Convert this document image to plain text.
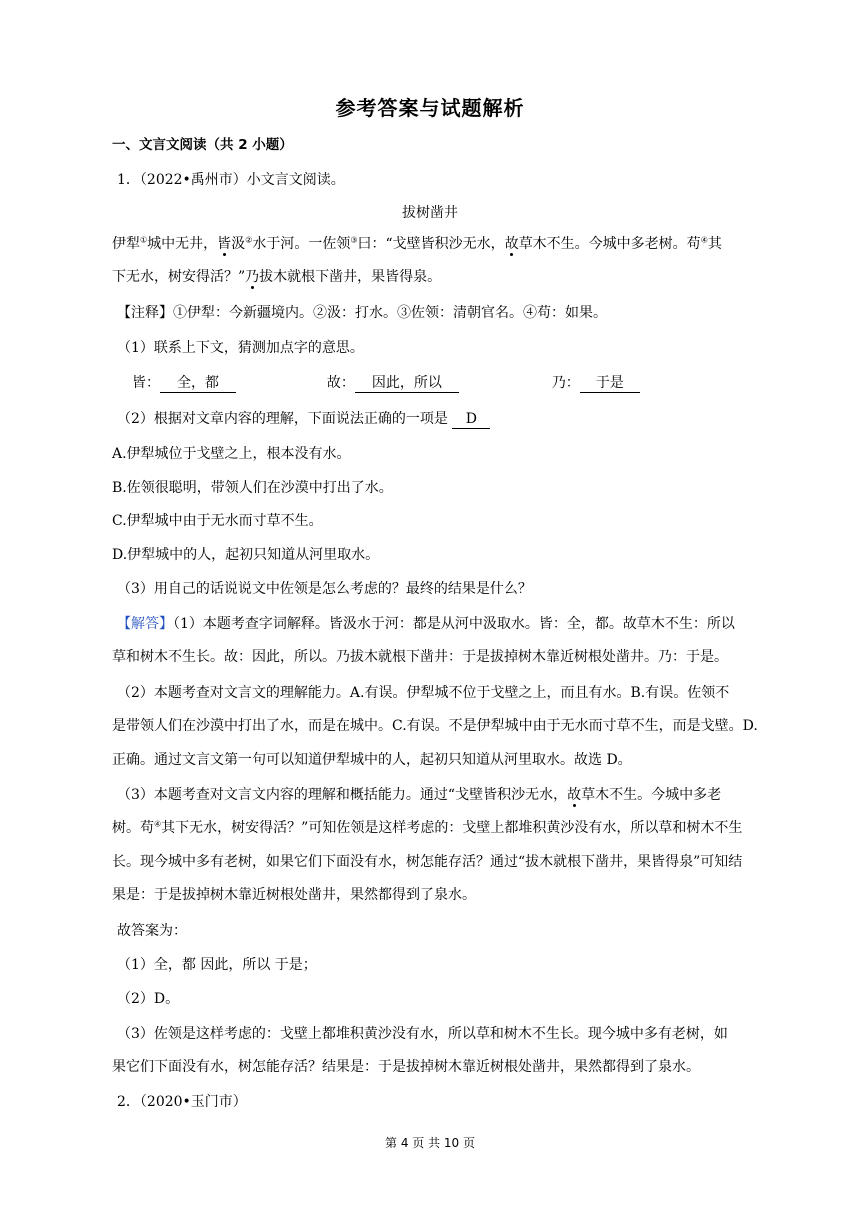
参考答案与试题解析
一、文言文阅读（共 2 小题）
1．（2022•禹州市）小文言文阅读。
拔树凿井
伊犁①城中无井，皆汲②水于河。一佐领③曰：“戈壁皆积沙无水，故草木不生。今城中多老树。苟④其
下无水，树安得活？”乃拔木就根下凿井，果皆得泉。
【注释】①伊犁：今新疆境内。②汲：打水。③佐领：清朝官名。④苟：如果。
（1）联系上下文，猜测加点字的意思。
皆： 全，都	故： 因此，所以	乃： 于是
（2）根据对文章内容的理解，下面说法正确的一项是 D
A.伊犁城位于戈壁之上，根本没有水。
B.佐领很聪明，带领人们在沙漠中打出了水。
C.伊犁城中由于无水而寸草不生。
D.伊犁城中的人，起初只知道从河里取水。
（3）用自己的话说说文中佐领是怎么考虑的？最终的结果是什么？
【解答】（1）本题考查字词解释。皆汲水于河：都是从河中汲取水。皆：全，都。故草木不生：所以
草和树木不生长。故：因此，所以。乃拔木就根下凿井：于是拔掉树木靠近树根处凿井。乃：于是。
（2）本题考查对文言文的理解能力。A.有误。伊犁城不位于戈壁之上，而且有水。B.有误。佐领不
是带领人们在沙漠中打出了水，而是在城中。C.有误。不是伊犁城中由于无水而寸草不生，而是戈壁。D.
正确。通过文言文第一句可以知道伊犁城中的人，起初只知道从河里取水。故选 D。
（3）本题考查对文言文内容的理解和概括能力。通过“戈壁皆积沙无水，故草木不生。今城中多老
树。苟④其下无水，树安得活？”可知佐领是这样考虑的：戈壁上都堆积黄沙没有水，所以草和树木不生
长。现今城中多有老树，如果它们下面没有水，树怎能存活？通过“拔木就根下凿井，果皆得泉”可知结
果是：于是拔掉树木靠近树根处凿井，果然都得到了泉水。
故答案为：
（1）全，都 因此，所以 于是；
（2）D。
（3）佐领是这样考虑的：戈壁上都堆积黄沙没有水，所以草和树木不生长。现今城中多有老树，如
果它们下面没有水，树怎能存活？结果是：于是拔掉树木靠近树根处凿井，果然都得到了泉水。
2．（2020•玉门市）
第 4 页 共 10 页
